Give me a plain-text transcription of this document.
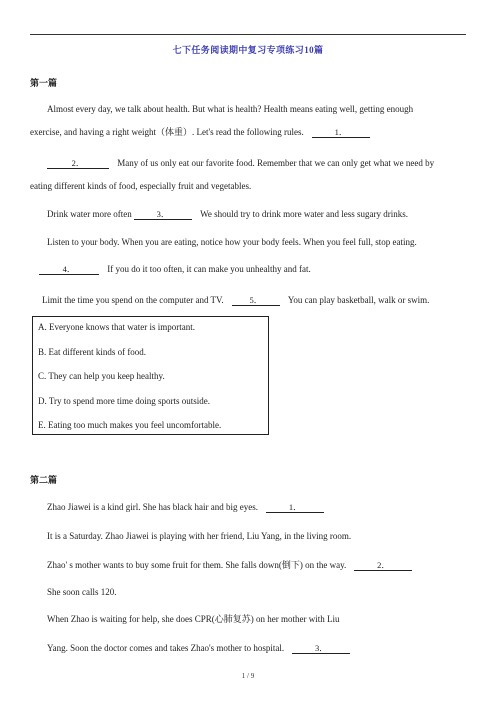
七下任务阅读期中复习专项练习10篇
第一篇
Almost every day, we talk about health. But what is health? Health means eating well, getting enough
exercise, and having a right weight（体重）. Let's read the following rules.	1．
2．	Many of us only eat our favorite food. Remember that we can only get what we need by
eating different kinds of food, especially fruit and vegetables.
Drink water more often	3．	We should try to drink more water and less sugary drinks.
Listen to your body. When you are eating, notice how your body feels. When you feel full, stop eating.
4．	If you do it too often, it can make you unhealthy and fat.
Limit the time you spend on the computer and TV.	5．	You can play basketball, walk or swim.
A. Everyone knows that water is important.
B. Eat different kinds of food.
C. They can help you keep healthy.
D. Try to spend more time doing sports outside.
E. Eating too much makes you feel uncomfortable.
第二篇
Zhao Jiawei is a kind girl. She has black hair and big eyes.	1．
It is a Saturday. Zhao Jiawei is playing with her friend, Liu Yang, in the living room.
Zhao' s mother wants to buy some fruit for them. She falls down(倒下) on the way.	2．
She soon calls 120.
When Zhao is waiting for help, she does CPR(心肺复苏) on her mother with Liu
Yang. Soon the doctor comes and takes Zhao's mother to hospital.	3．
1 / 9
